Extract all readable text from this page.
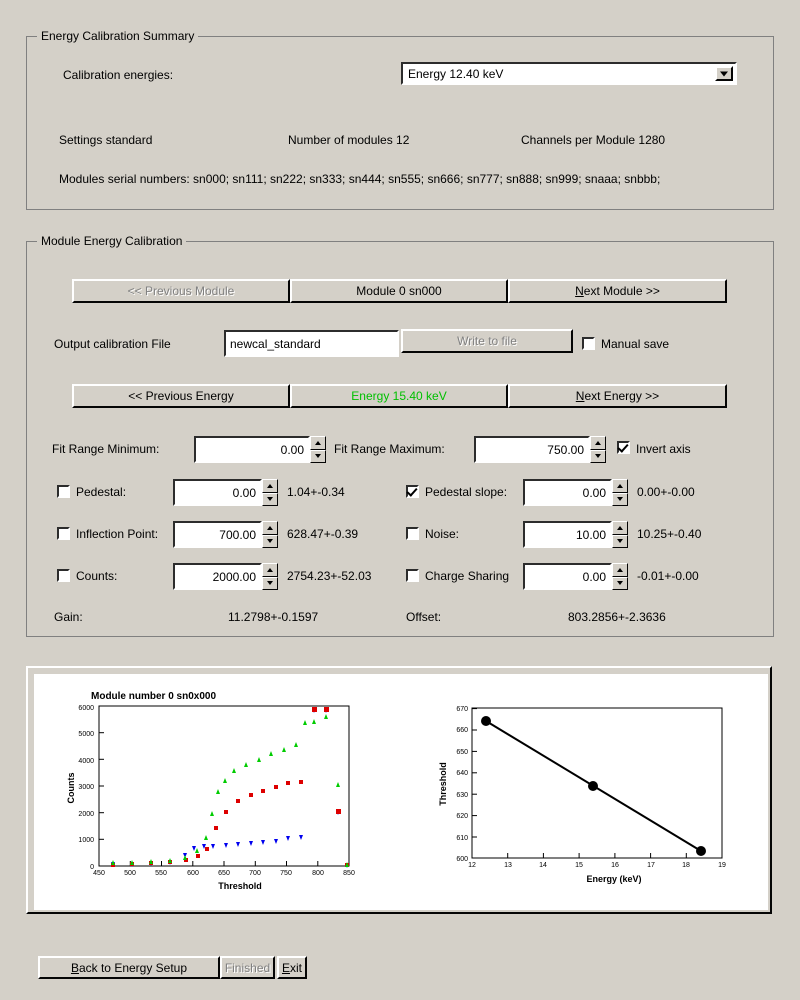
Energy Calibration Summary
Calibration energies:	Energy 12.40 keV
Settings standard	Number of modules 12	Channels per Module 1280
Modules serial numbers: sn000; sn111; sn222; sn333; sn444; sn555; sn666; sn777; sn888; sn999; snaaa; snbbb;
Module Energy Calibration
<< Previous Module	Module 0 sn000	Next Module >>
Output calibration File	newcal_standard	Write to file	Manual save
<< Previous Energy	Energy 15.40 keV	Next Energy >>
Fit Range Minimum:	0.00	Fit Range Maximum:	750.00	Invert axis
Pedestal:	0.00	1.04+-0.34	Pedestal slope:	0.00	0.00+-0.00
Inflection Point:	700.00	628.47+-0.39	Noise:	10.00	10.25+-0.40
Counts:	2000.00	2754.23+-52.03	Charge Sharing	0.00	-0.01+-0.00
Gain:	11.2798+-0.1597	Offset:	803.2856+-2.3636
Module number 0 sn0x000
0
1000
2000
3000
4000
5000
6000
450	500	550	600	650	700	750	800	850
Threshold
Counts
600
610
620
630
640
650
660
670
12	13	14	15	16	17	18	19
Energy (keV)
Threshold
Back to Energy Setup	Finished Exit
